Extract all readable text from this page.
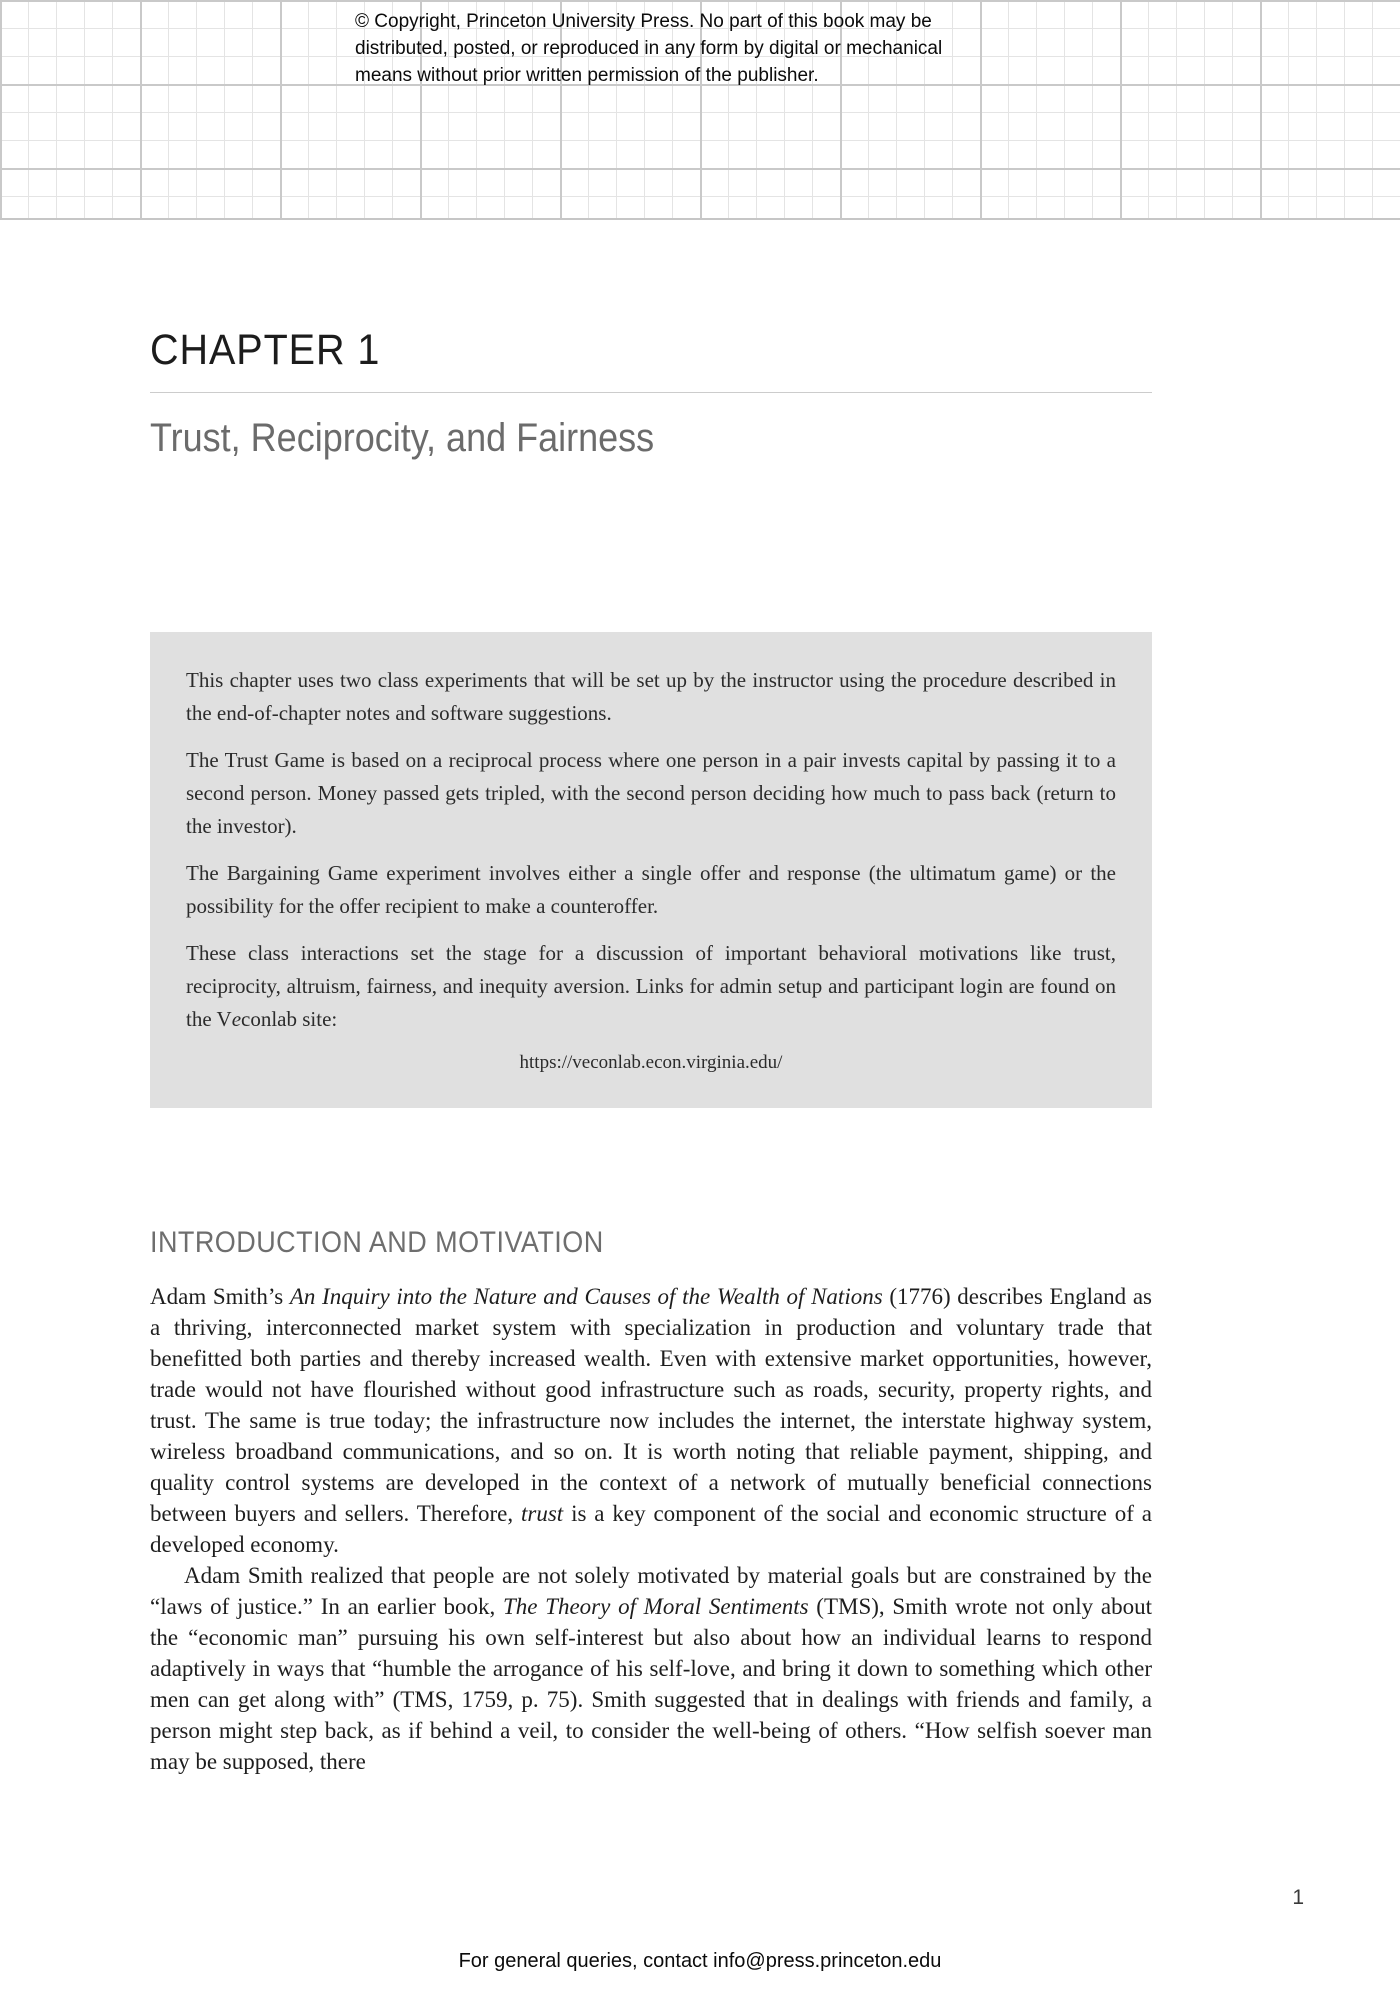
© Copyright, Princeton University Press. No part of this book may be
distributed, posted, or reproduced in any form by digital or mechanical
means without prior written permission of the publisher.
CHAPTER 1
Trust, Reciprocity, and Fairness

This chapter uses two class experiments that will be set up by the instructor using the procedure described in the end-of-chapter notes and software suggestions.

The Trust Game is based on a reciprocal process where one person in a pair invests capital by passing it to a second person. Money passed gets tripled, with the second person deciding how much to pass back (return to the investor).

The Bargaining Game experiment involves either a single offer and response (the ultimatum game) or the possibility for the offer recipient to make a counteroffer.

These class interactions set the stage for a discussion of important behavioral motivations like trust, reciprocity, altruism, fairness, and inequity aversion. Links for admin setup and participant login are found on the Veconlab site:

https://veconlab.econ.virginia.edu/
INTRODUCTION AND MOTIVATION

Adam Smith’s An Inquiry into the Nature and Causes of the Wealth of Nations (1776) describes England as a thriving, interconnected market system with specialization in production and voluntary trade that benefitted both parties and thereby increased wealth. Even with extensive market opportunities, however, trade would not have flourished without good infrastructure such as roads, security, property rights, and trust. The same is true today; the infrastructure now includes the internet, the interstate highway system, wireless broadband communications, and so on. It is worth noting that reliable payment, shipping, and quality control systems are developed in the context of a network of mutually beneficial connections between buyers and sellers. Therefore, trust is a key component of the social and economic structure of a developed economy.

Adam Smith realized that people are not solely motivated by material goals but are constrained by the “laws of justice.” In an earlier book, The Theory of Moral Sentiments (TMS), Smith wrote not only about the “economic man” pursuing his own self-interest but also about how an individual learns to respond adaptively in ways that “humble the arrogance of his self-love, and bring it down to something which other men can get along with” (TMS, 1759, p. 75). Smith suggested that in dealings with friends and family, a person might step back, as if behind a veil, to consider the well-being of others. “How selfish soever man may be supposed, there

1
For general queries, contact info@press.princeton.edu
